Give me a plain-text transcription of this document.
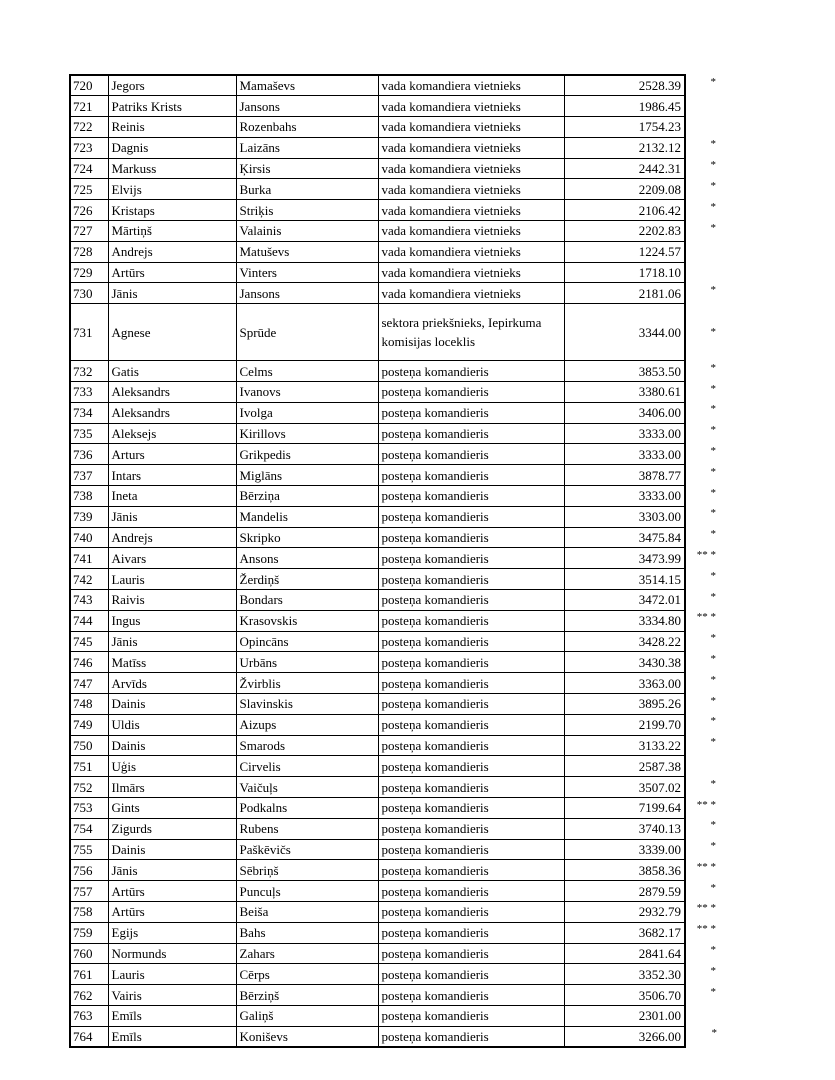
720	Jegors	Mamaševs	vada komandiera vietnieks	2528.39	*
721	Patriks Krists	Jansons	vada komandiera vietnieks	1986.45	
722	Reinis	Rozenbahs	vada komandiera vietnieks	1754.23	
723	Dagnis	Laizāns	vada komandiera vietnieks	2132.12	*
724	Markuss	Ķirsis	vada komandiera vietnieks	2442.31	*
725	Elvijs	Burka	vada komandiera vietnieks	2209.08	*
726	Kristaps	Striķis	vada komandiera vietnieks	2106.42	*
727	Mārtiņš	Valainis	vada komandiera vietnieks	2202.83	*
728	Andrejs	Matuševs	vada komandiera vietnieks	1224.57	
729	Artūrs	Vinters	vada komandiera vietnieks	1718.10	
730	Jānis	Jansons	vada komandiera vietnieks	2181.06	*
731	Agnese	Sprūde	sektora priekšnieks, Iepirkuma komisijas loceklis	3344.00	*
732	Gatis	Celms	posteņa komandieris	3853.50	*
733	Aleksandrs	Ivanovs	posteņa komandieris	3380.61	*
734	Aleksandrs	Ivolga	posteņa komandieris	3406.00	*
735	Aleksejs	Kirillovs	posteņa komandieris	3333.00	*
736	Arturs	Grikpedis	posteņa komandieris	3333.00	*
737	Intars	Miglāns	posteņa komandieris	3878.77	*
738	Ineta	Bērziņa	posteņa komandieris	3333.00	*
739	Jānis	Mandelis	posteņa komandieris	3303.00	*
740	Andrejs	Skripko	posteņa komandieris	3475.84	*
741	Aivars	Ansons	posteņa komandieris	3473.99	** *
742	Lauris	Žerdiņš	posteņa komandieris	3514.15	*
743	Raivis	Bondars	posteņa komandieris	3472.01	*
744	Ingus	Krasovskis	posteņa komandieris	3334.80	** *
745	Jānis	Opincāns	posteņa komandieris	3428.22	*
746	Matīss	Urbāns	posteņa komandieris	3430.38	*
747	Arvīds	Žvirblis	posteņa komandieris	3363.00	*
748	Dainis	Slavinskis	posteņa komandieris	3895.26	*
749	Uldis	Aizups	posteņa komandieris	2199.70	*
750	Dainis	Smarods	posteņa komandieris	3133.22	*
751	Uģis	Cirvelis	posteņa komandieris	2587.38	
752	Ilmārs	Vaičuļs	posteņa komandieris	3507.02	*
753	Gints	Podkalns	posteņa komandieris	7199.64	** *
754	Zigurds	Rubens	posteņa komandieris	3740.13	*
755	Dainis	Paškēvičs	posteņa komandieris	3339.00	*
756	Jānis	Sēbriņš	posteņa komandieris	3858.36	** *
757	Artūrs	Puncuļs	posteņa komandieris	2879.59	*
758	Artūrs	Beiša	posteņa komandieris	2932.79	** *
759	Egijs	Bahs	posteņa komandieris	3682.17	** *
760	Normunds	Zahars	posteņa komandieris	2841.64	*
761	Lauris	Cērps	posteņa komandieris	3352.30	*
762	Vairis	Bērziņš	posteņa komandieris	3506.70	*
763	Emīls	Galiņš	posteņa komandieris	2301.00	
764	Emīls	Koniševs	posteņa komandieris	3266.00	*
